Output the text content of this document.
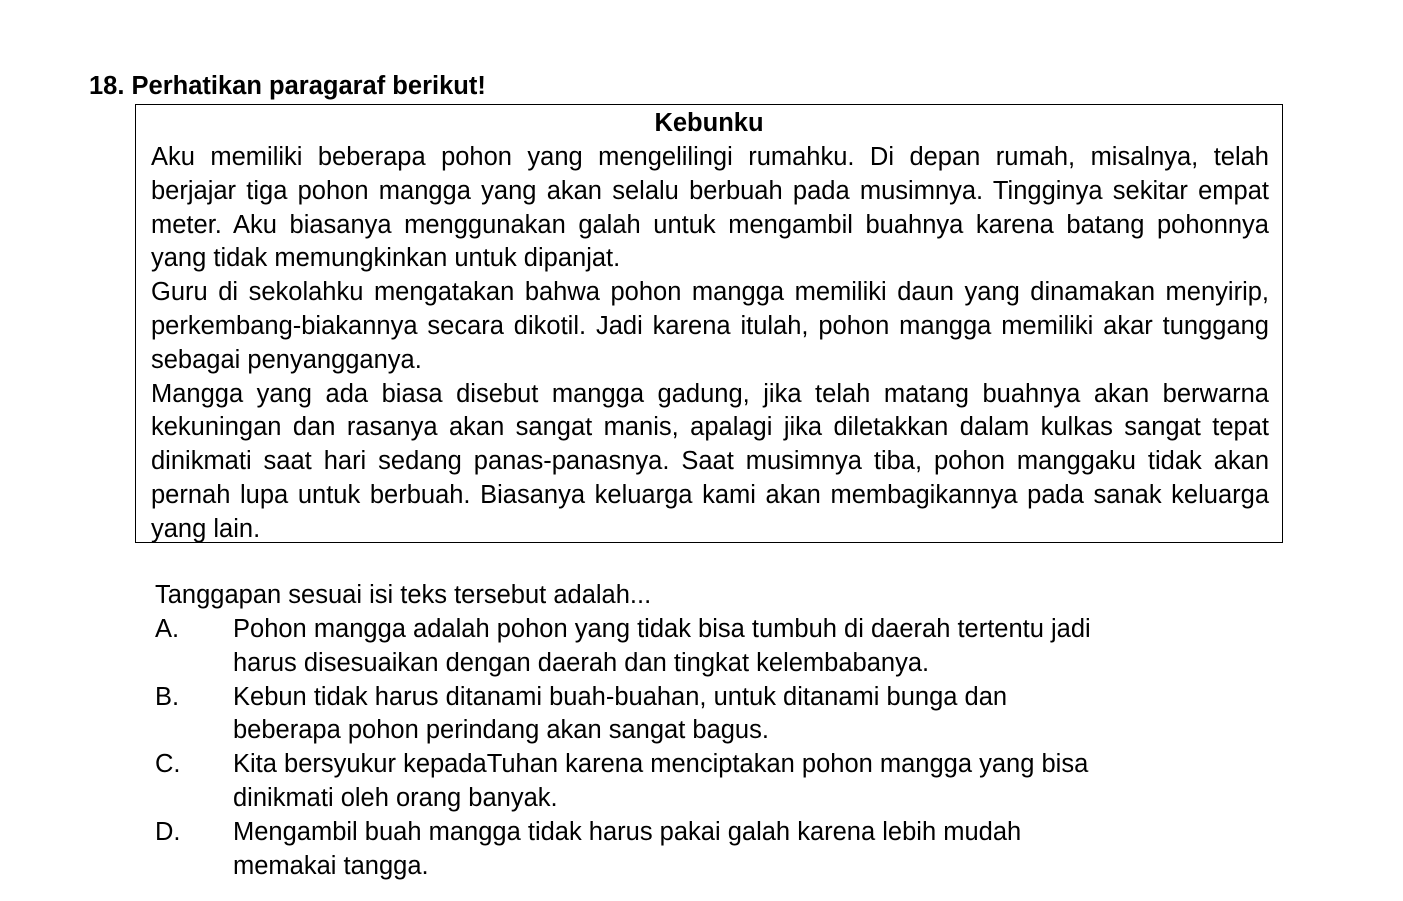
18. Perhatikan paragaraf berikut!
Kebunku

Aku memiliki beberapa pohon yang mengelilingi rumahku. Di depan rumah, misalnya, telah berjajar tiga pohon mangga yang akan selalu berbuah pada musimnya. Tingginya sekitar empat meter. Aku biasanya menggunakan galah untuk mengambil buahnya karena batang pohonnya yang tidak memungkinkan untuk dipanjat.

Guru di sekolahku mengatakan bahwa pohon mangga memiliki daun yang dinamakan menyirip, perkembang-biakannya secara dikotil. Jadi karena itulah, pohon mangga memiliki akar tunggang sebagai penyangganya.

Mangga yang ada biasa disebut mangga gadung, jika telah matang buahnya akan berwarna kekuningan dan rasanya akan sangat manis, apalagi jika diletakkan dalam kulkas sangat tepat dinikmati saat hari sedang panas-panasnya. Saat musimnya tiba, pohon manggaku tidak akan pernah lupa untuk berbuah. Biasanya keluarga kami akan membagikannya pada sanak keluarga yang lain.

Tanggapan sesuai isi teks tersebut adalah...
A.	Pohon mangga adalah pohon yang tidak bisa tumbuh di daerah tertentu jadi
harus disesuaikan dengan daerah dan tingkat kelembabanya.
B.	Kebun tidak harus ditanami buah-buahan, untuk ditanami bunga dan
beberapa pohon perindang akan sangat bagus.
C.	Kita bersyukur kepadaTuhan karena menciptakan pohon mangga yang bisa
dinikmati oleh orang banyak.
D.	Mengambil buah mangga tidak harus pakai galah karena lebih mudah
memakai tangga.
